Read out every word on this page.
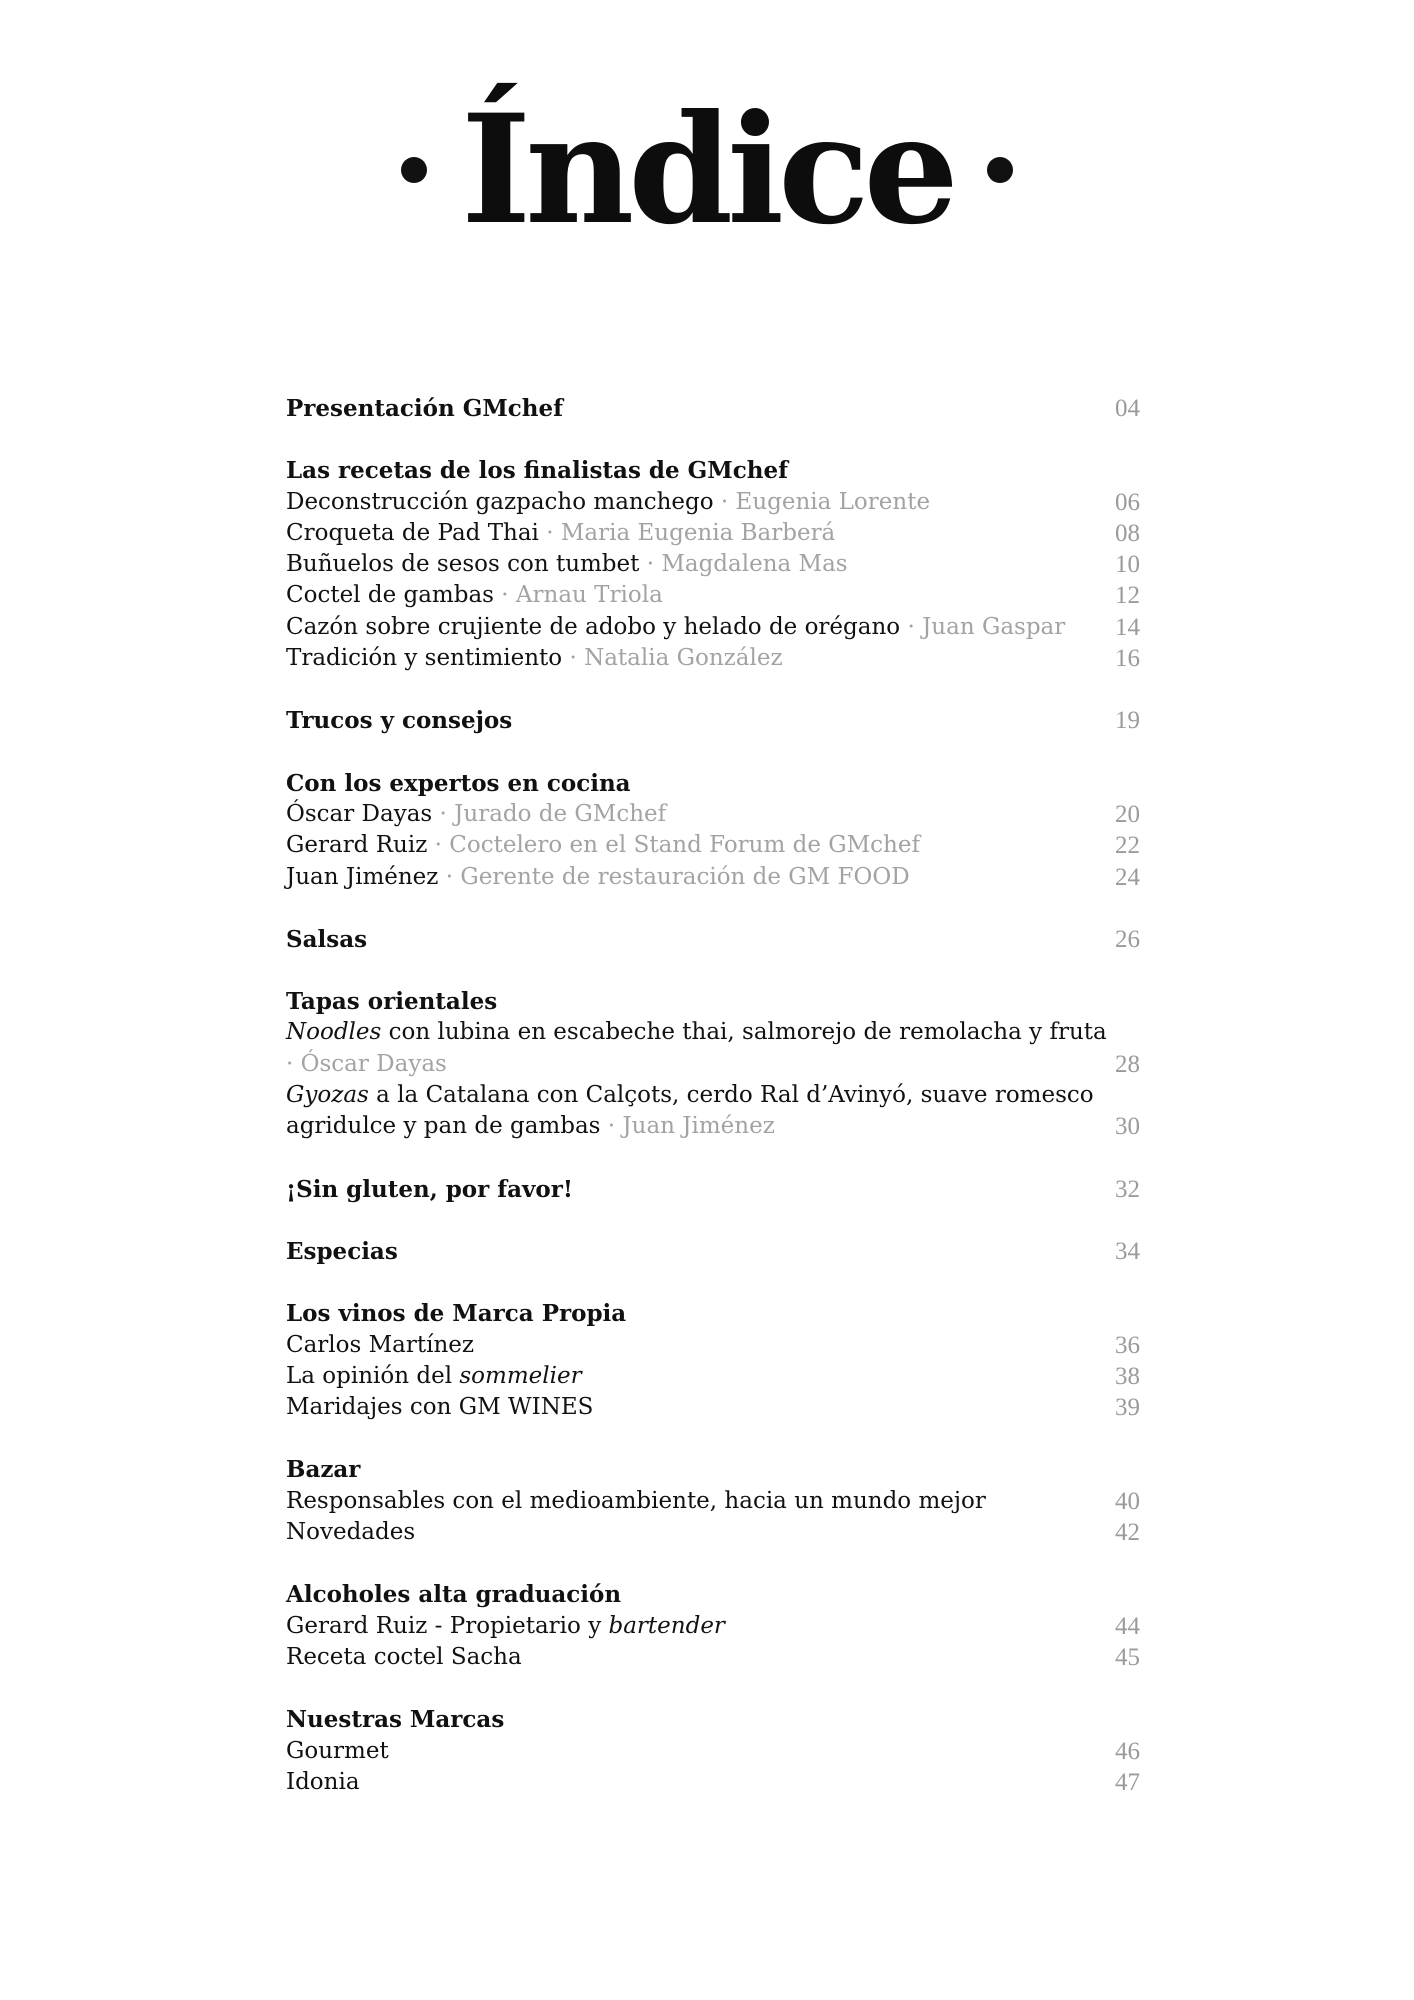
Índice
Presentación GMchef	04
Las recetas de los finalistas de GMchef
Deconstrucción gazpacho manchego · Eugenia Lorente	06
Croqueta de Pad Thai · Maria Eugenia Barberá	08
Buñuelos de sesos con tumbet · Magdalena Mas	10
Coctel de gambas · Arnau Triola	12
Cazón sobre crujiente de adobo y helado de orégano · Juan Gaspar 14
Tradición y sentimiento · Natalia González	16
Trucos y consejos	19
Con los expertos en cocina
Óscar Dayas · Jurado de GMchef	20
Gerard Ruiz · Coctelero en el Stand Forum de GMchef	22
Juan Jiménez · Gerente de restauración de GM FOOD	24
Salsas	26
Tapas orientales
Noodles con lubina en escabeche thai, salmorejo de remolacha y fruta
· Óscar Dayas	28
Gyozas a la Catalana con Calçots, cerdo Ral d’Avinyó, suave romesco
agridulce y pan de gambas · Juan Jiménez	30
¡Sin gluten, por favor!	32
Especias	34
Los vinos de Marca Propia
Carlos Martínez	36
La opinión del sommelier	38
Maridajes con GM WINES	39
Bazar
Responsables con el medioambiente, hacia un mundo mejor	40
Novedades	42
Alcoholes alta graduación
Gerard Ruiz - Propietario y bartender	44
Receta coctel Sacha	45
Nuestras Marcas
Gourmet	46
Idonia	47
